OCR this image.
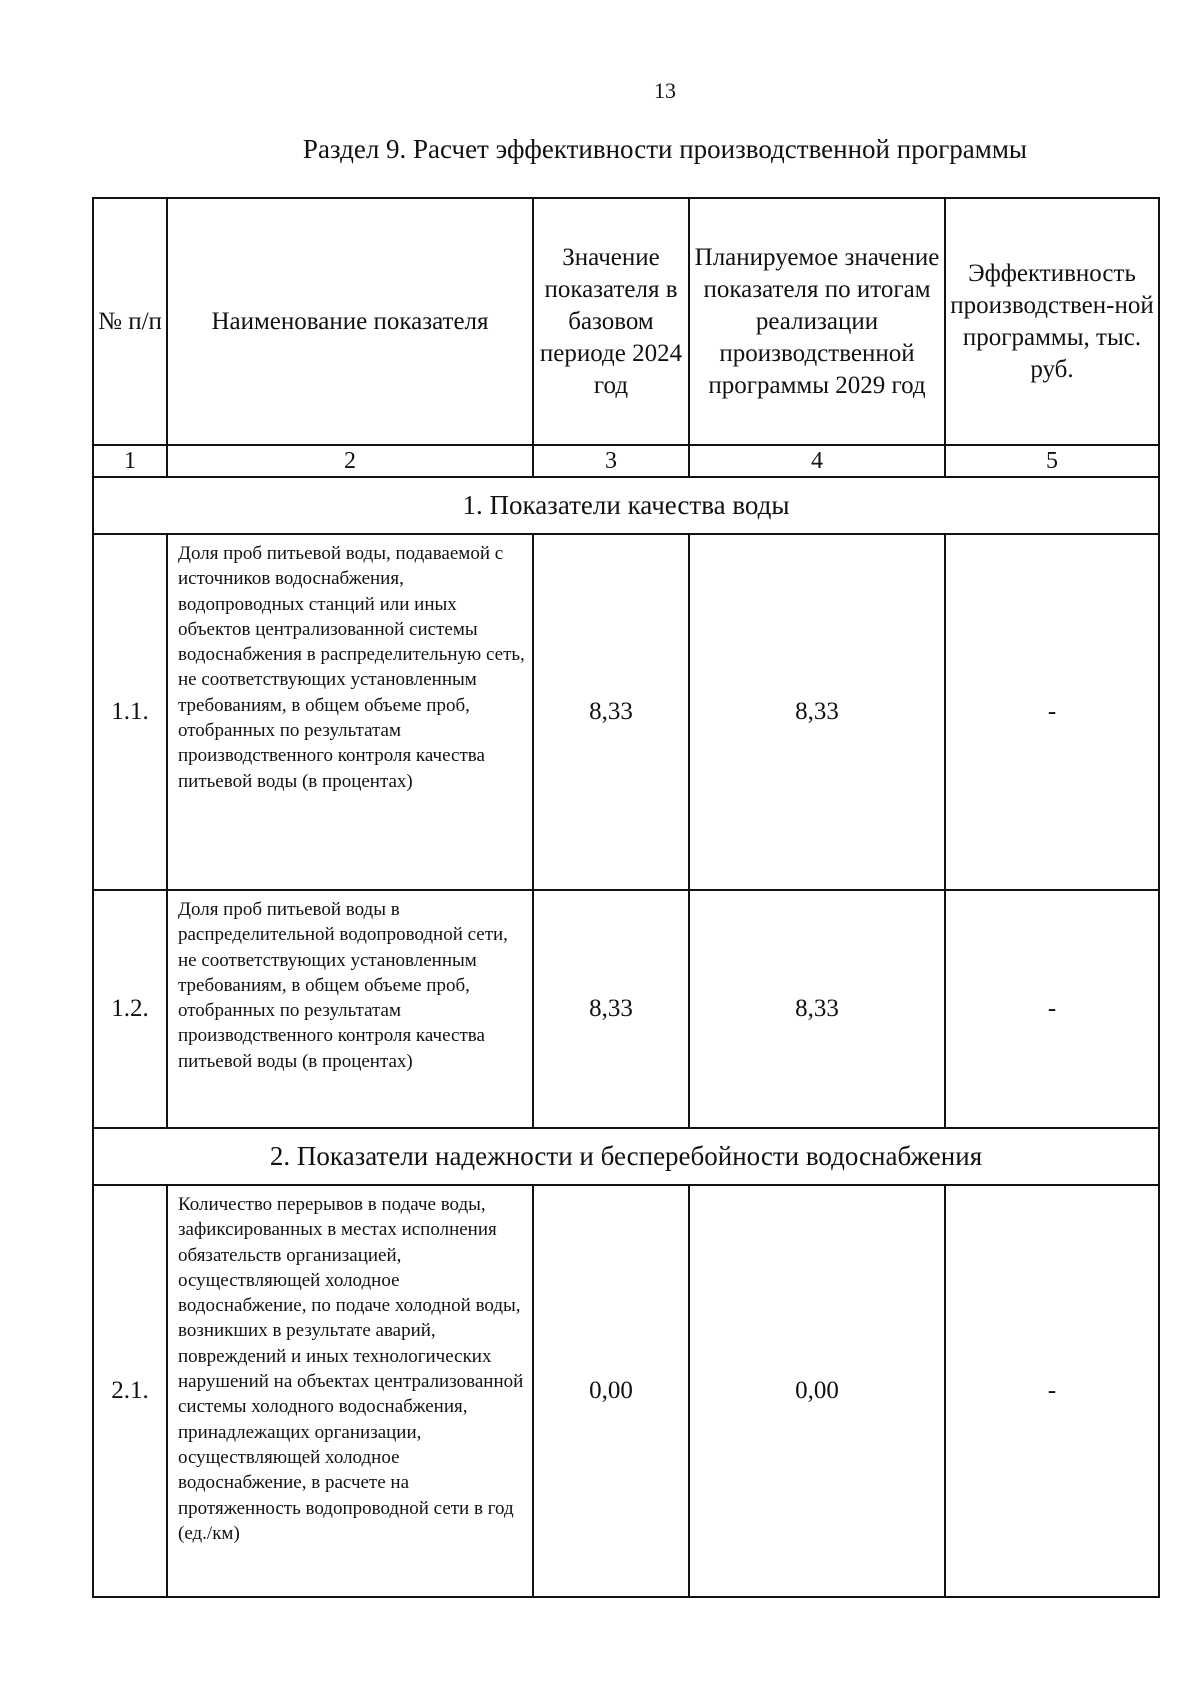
13
Раздел 9. Расчет эффективности производственной программы
№ п/п	Наименование показателя	Значение показателя в базовом периоде 2024 год	Планируемое значение показателя по итогам реализации производственной программы 2029 год	Эффективность производствен-ной программы, тыс. руб.
1	2	3	4	5
1. Показатели качества воды				
1.1.	Доля проб питьевой воды, подаваемой с источников водоснабжения, водопроводных станций или иных объектов централизованной системы водоснабжения в распределительную сеть, не соответствующих установленным требованиям, в общем объеме проб, отобранных по результатам производственного контроля качества питьевой воды (в процентах)	8,33	8,33	-
1.2.	Доля проб питьевой воды в распределительной водопроводной сети, не соответствующих установленным требованиям, в общем объеме проб, отобранных по результатам производственного контроля качества питьевой воды (в процентах)	8,33	8,33	-
2. Показатели надежности и бесперебойности водоснабжения				
2.1.	Количество перерывов в подаче воды, зафиксированных в местах исполнения обязательств организацией, осуществляющей холодное водоснабжение, по подаче холодной воды, возникших в результате аварий, повреждений и иных технологических нарушений на объектах централизованной системы холодного водоснабжения, принадлежащих организации, осуществляющей холодное водоснабжение, в расчете на протяженность водопроводной сети в год (ед./км)	0,00	0,00	-
